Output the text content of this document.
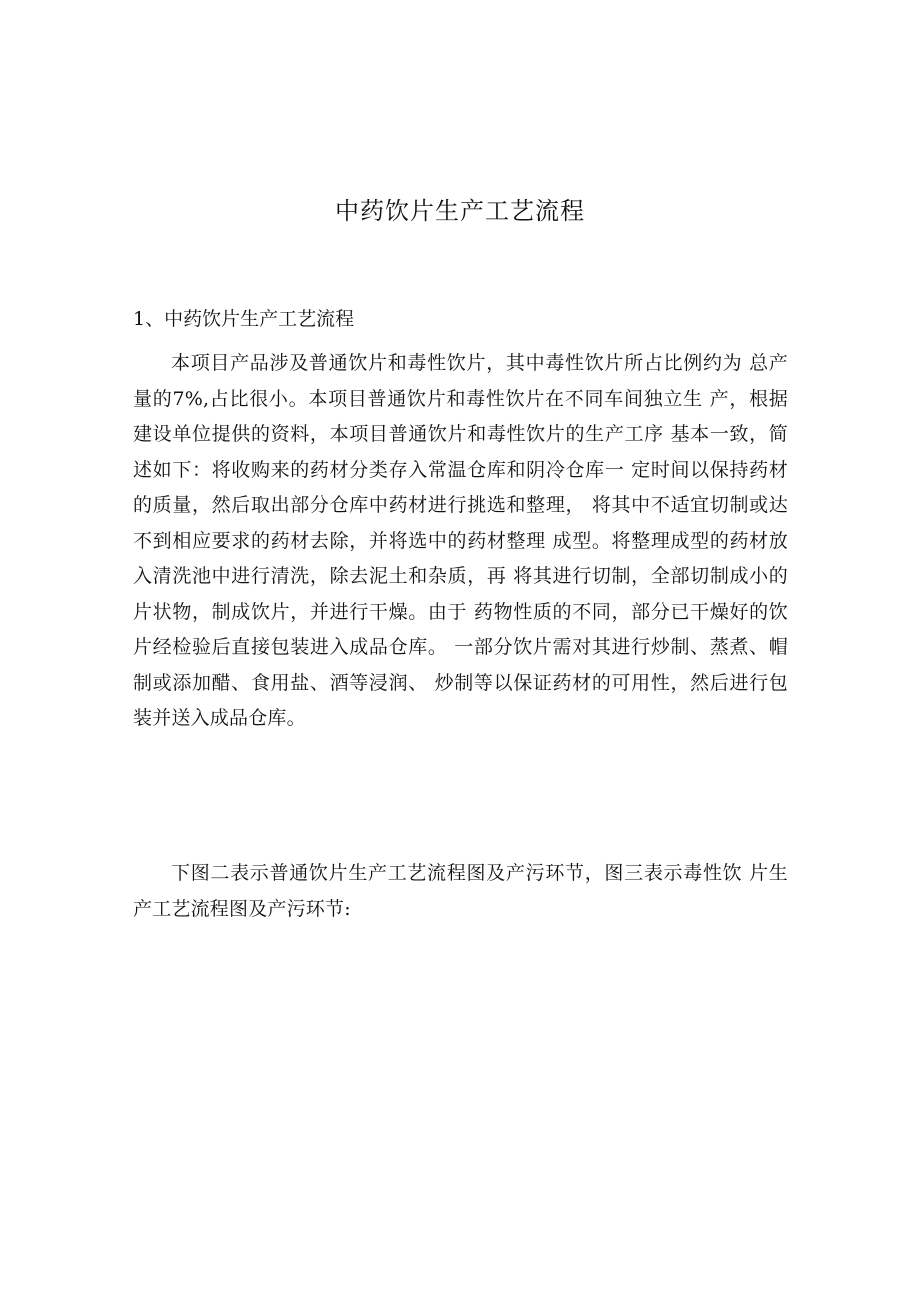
中药饮片生产工艺流程
1、中药饮片生产工艺流程

本项目产品涉及普通饮片和毒性饮片，其中毒性饮片所占比例约为 总产量的7%,占比很小。本项目普通饮片和毒性饮片在不同车间独立生 产，根据建设单位提供的资料，本项目普通饮片和毒性饮片的生产工序 基本一致，简述如下：将收购来的药材分类存入常温仓库和阴冷仓库一 定时间以保持药材的质量，然后取出部分仓库中药材进行挑选和整理， 将其中不适宜切制或达不到相应要求的药材去除，并将选中的药材整理 成型。将整理成型的药材放入清洗池中进行清洗，除去泥土和杂质，再 将其进行切制，全部切制成小的片状物，制成饮片，并进行干燥。由于 药物性质的不同，部分已干燥好的饮片经检验后直接包装进入成品仓库。 一部分饮片需对其进行炒制、蒸煮、帽制或添加醋、食用盐、酒等浸润、 炒制等以保证药材的可用性，然后进行包装并送入成品仓库。

下图二表示普通饮片生产工艺流程图及产污环节，图三表示毒性饮 片生产工艺流程图及产污环节:
